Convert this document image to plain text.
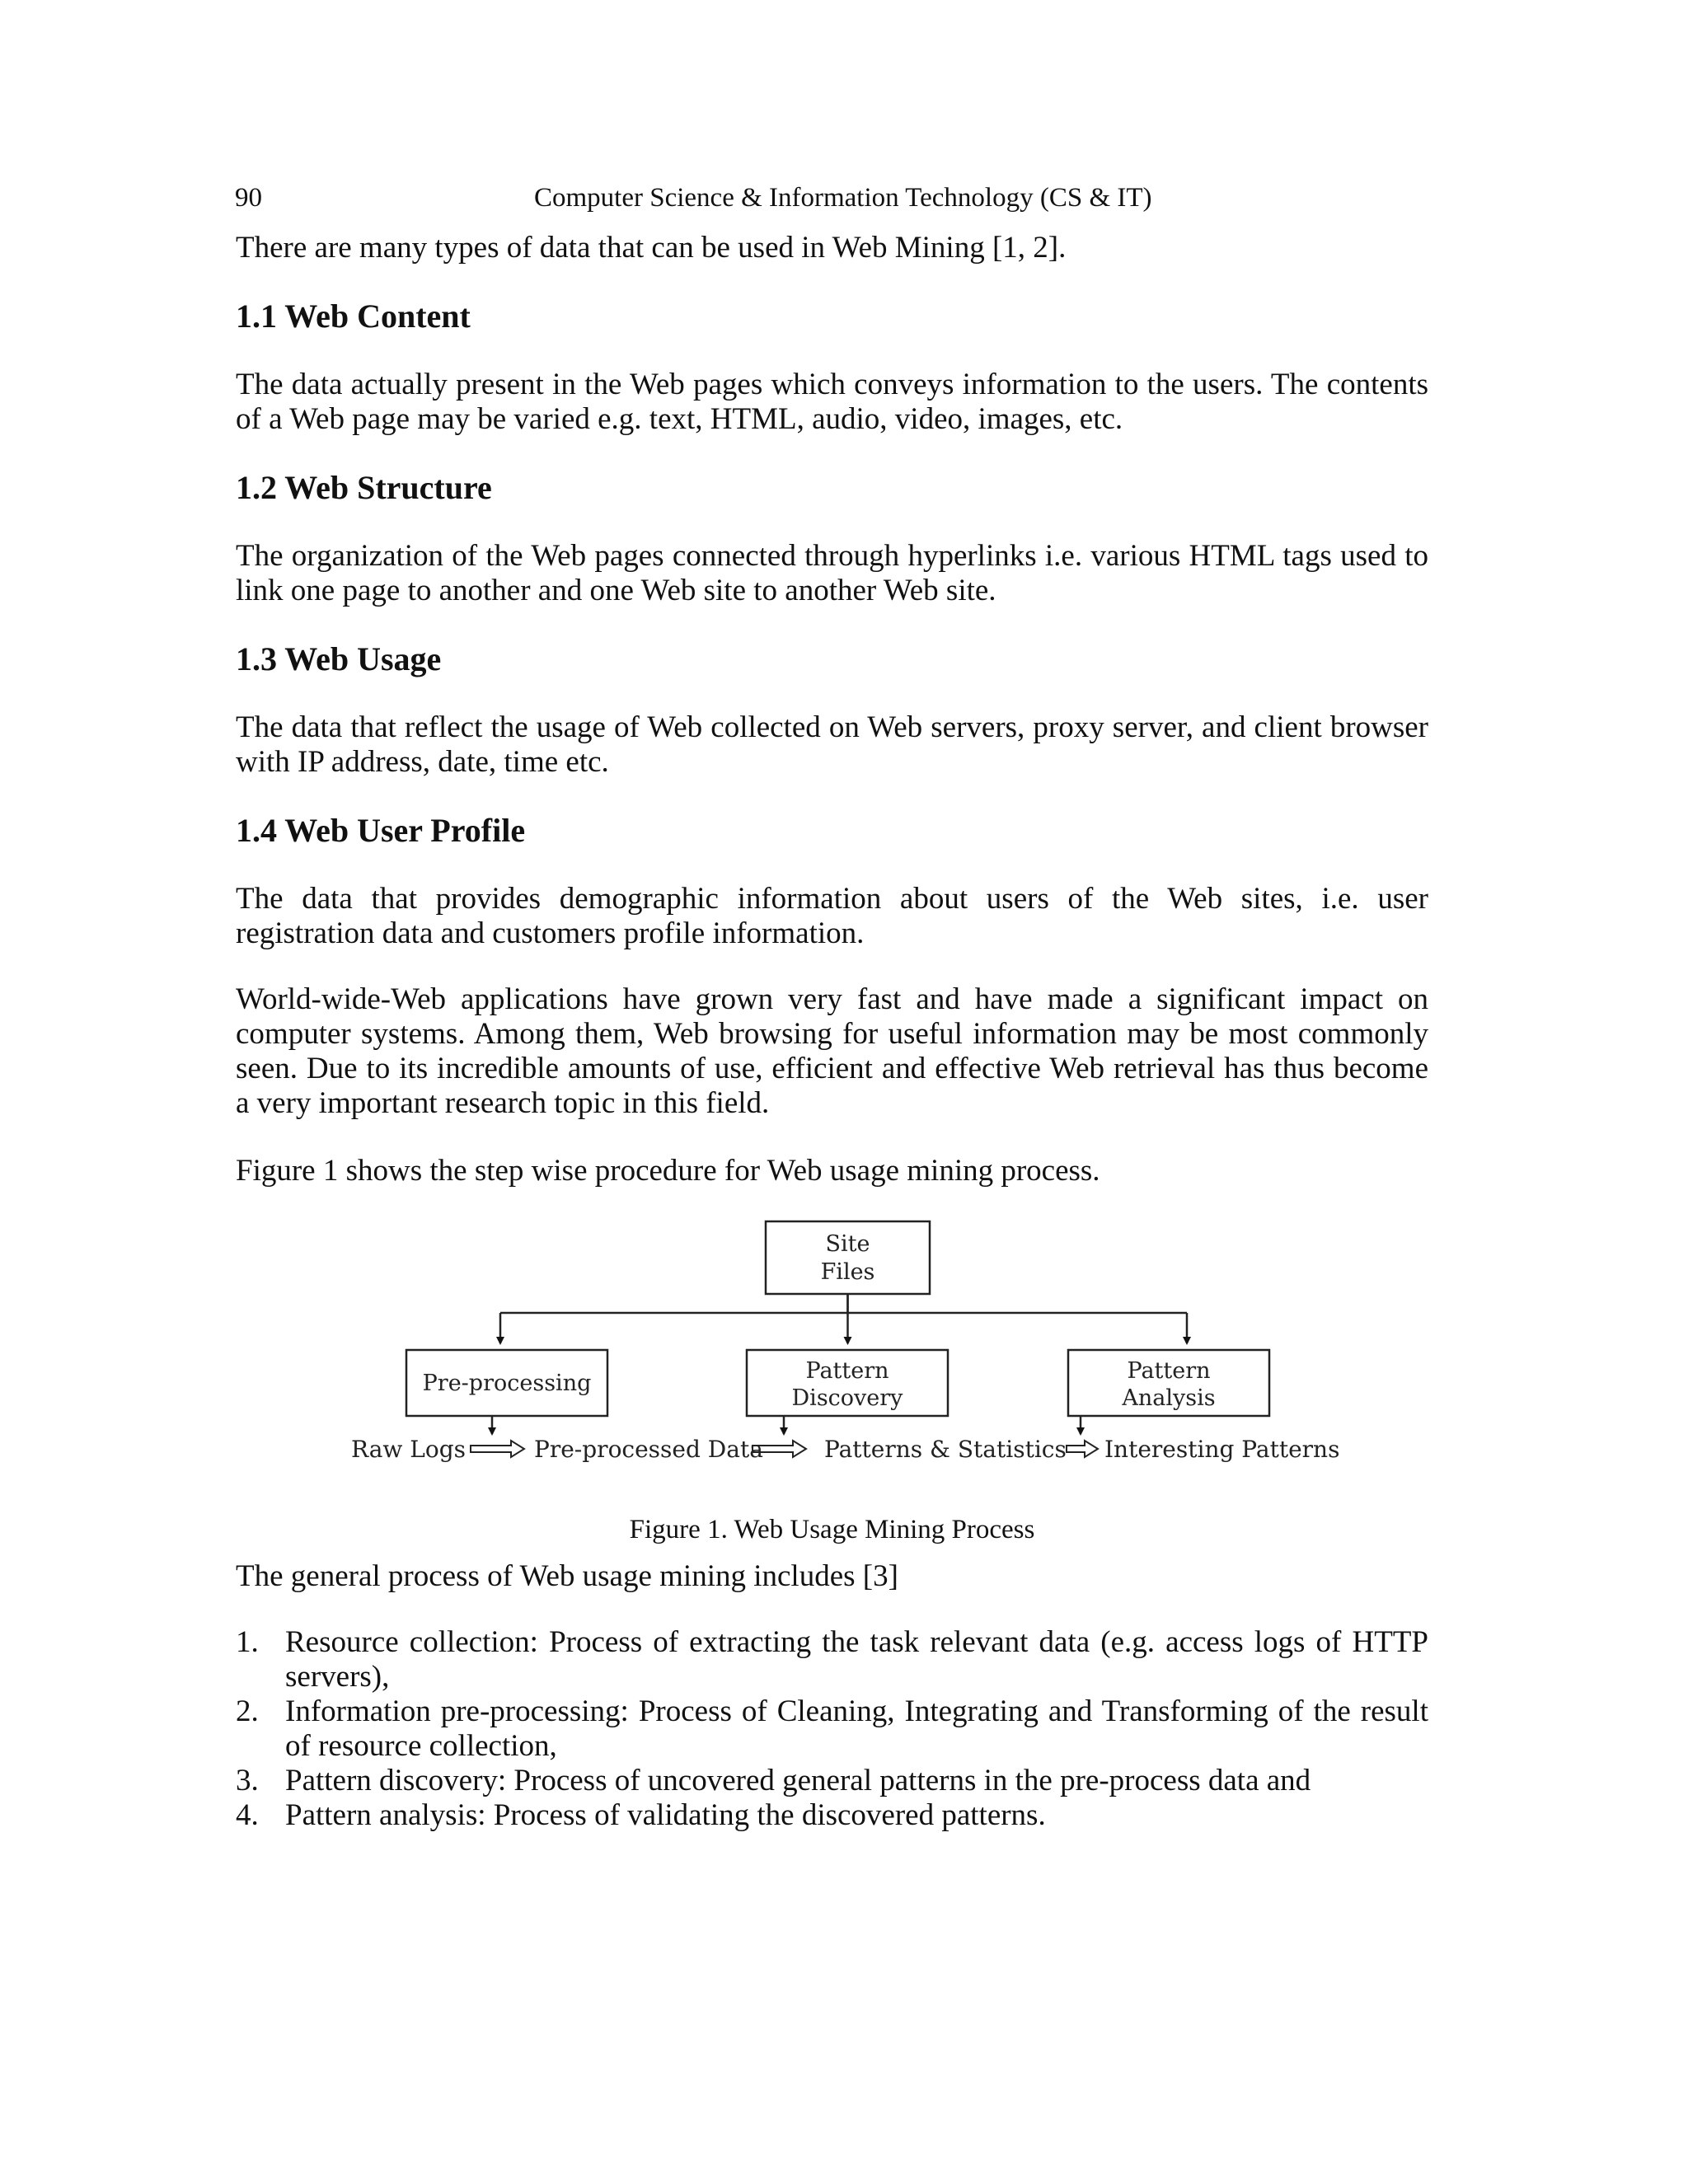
90	Computer Science & Information Technology (CS & IT)

There are many types of data that can be used in Web Mining [1, 2].

1.1 Web Content

The data actually present in the Web pages which conveys information to the users. The contents of a Web page may be varied e.g. text, HTML, audio, video, images, etc.

1.2 Web Structure

The organization of the Web pages connected through hyperlinks i.e. various HTML tags used to link one page to another and one Web site to another Web site.

1.3 Web Usage

The data that reflect the usage of Web collected on Web servers, proxy server, and client browser with IP address, date, time etc.

1.4 Web User Profile

The data that provides demographic information about users of the Web sites, i.e. user registration data and customers profile information.

World-wide-Web applications have grown very fast and have made a significant impact on computer systems. Among them, Web browsing for useful information may be most commonly seen. Due to its incredible amounts of use, efficient and effective Web retrieval has thus become a very important research topic in this field.

Figure 1 shows the step wise procedure for Web usage mining process.

Site
Files
Pre-processing	Pattern
Discovery
Pattern
Analysis
Raw Logs	Pre-processed Data	Patterns & Statistics Interesting Patterns
Figure 1. Web Usage Mining Process

The general process of Web usage mining includes [3]

1. Resource collection: Process of extracting the task relevant data (e.g. access logs of HTTP servers),
2. Information pre-processing: Process of Cleaning, Integrating and Transforming of the result of resource collection,
3. Pattern discovery: Process of uncovered general patterns in the pre-process data and
4. Pattern analysis: Process of validating the discovered patterns.
